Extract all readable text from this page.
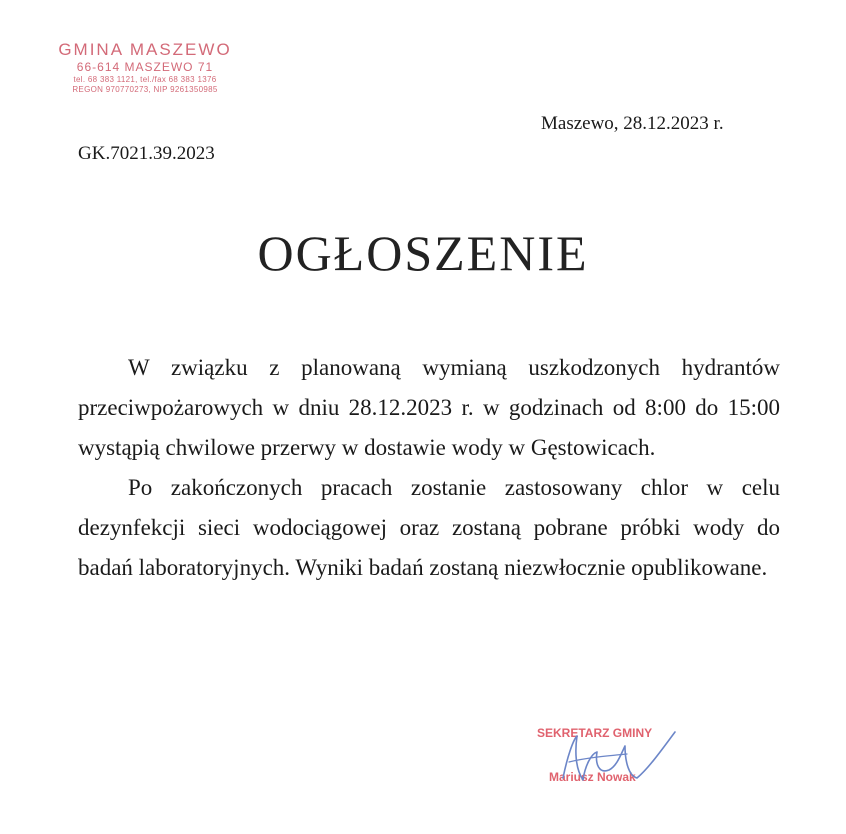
GMINA MASZEWO
66-614 MASZEWO 71
tel. 68 383 1121, tel./fax 68 383 1376
REGON 970770273, NIP 9261350985
Maszewo, 28.12.2023 r.
GK.7021.39.2023
OGŁOSZENIE

W związku z planowaną wymianą uszkodzonych hydrantów przeciwpożarowych w dniu 28.12.2023 r. w godzinach od 8:00 do 15:00 wystąpią chwilowe przerwy w dostawie wody w Gęstowicach.

Po zakończonych pracach zostanie zastosowany chlor w celu dezynfekcji sieci wodociągowej oraz zostaną pobrane próbki wody do badań laboratoryjnych. Wyniki badań zostaną niezwłocznie opublikowane.

SEKRETARZ GMINY
Mariusz Nowak
